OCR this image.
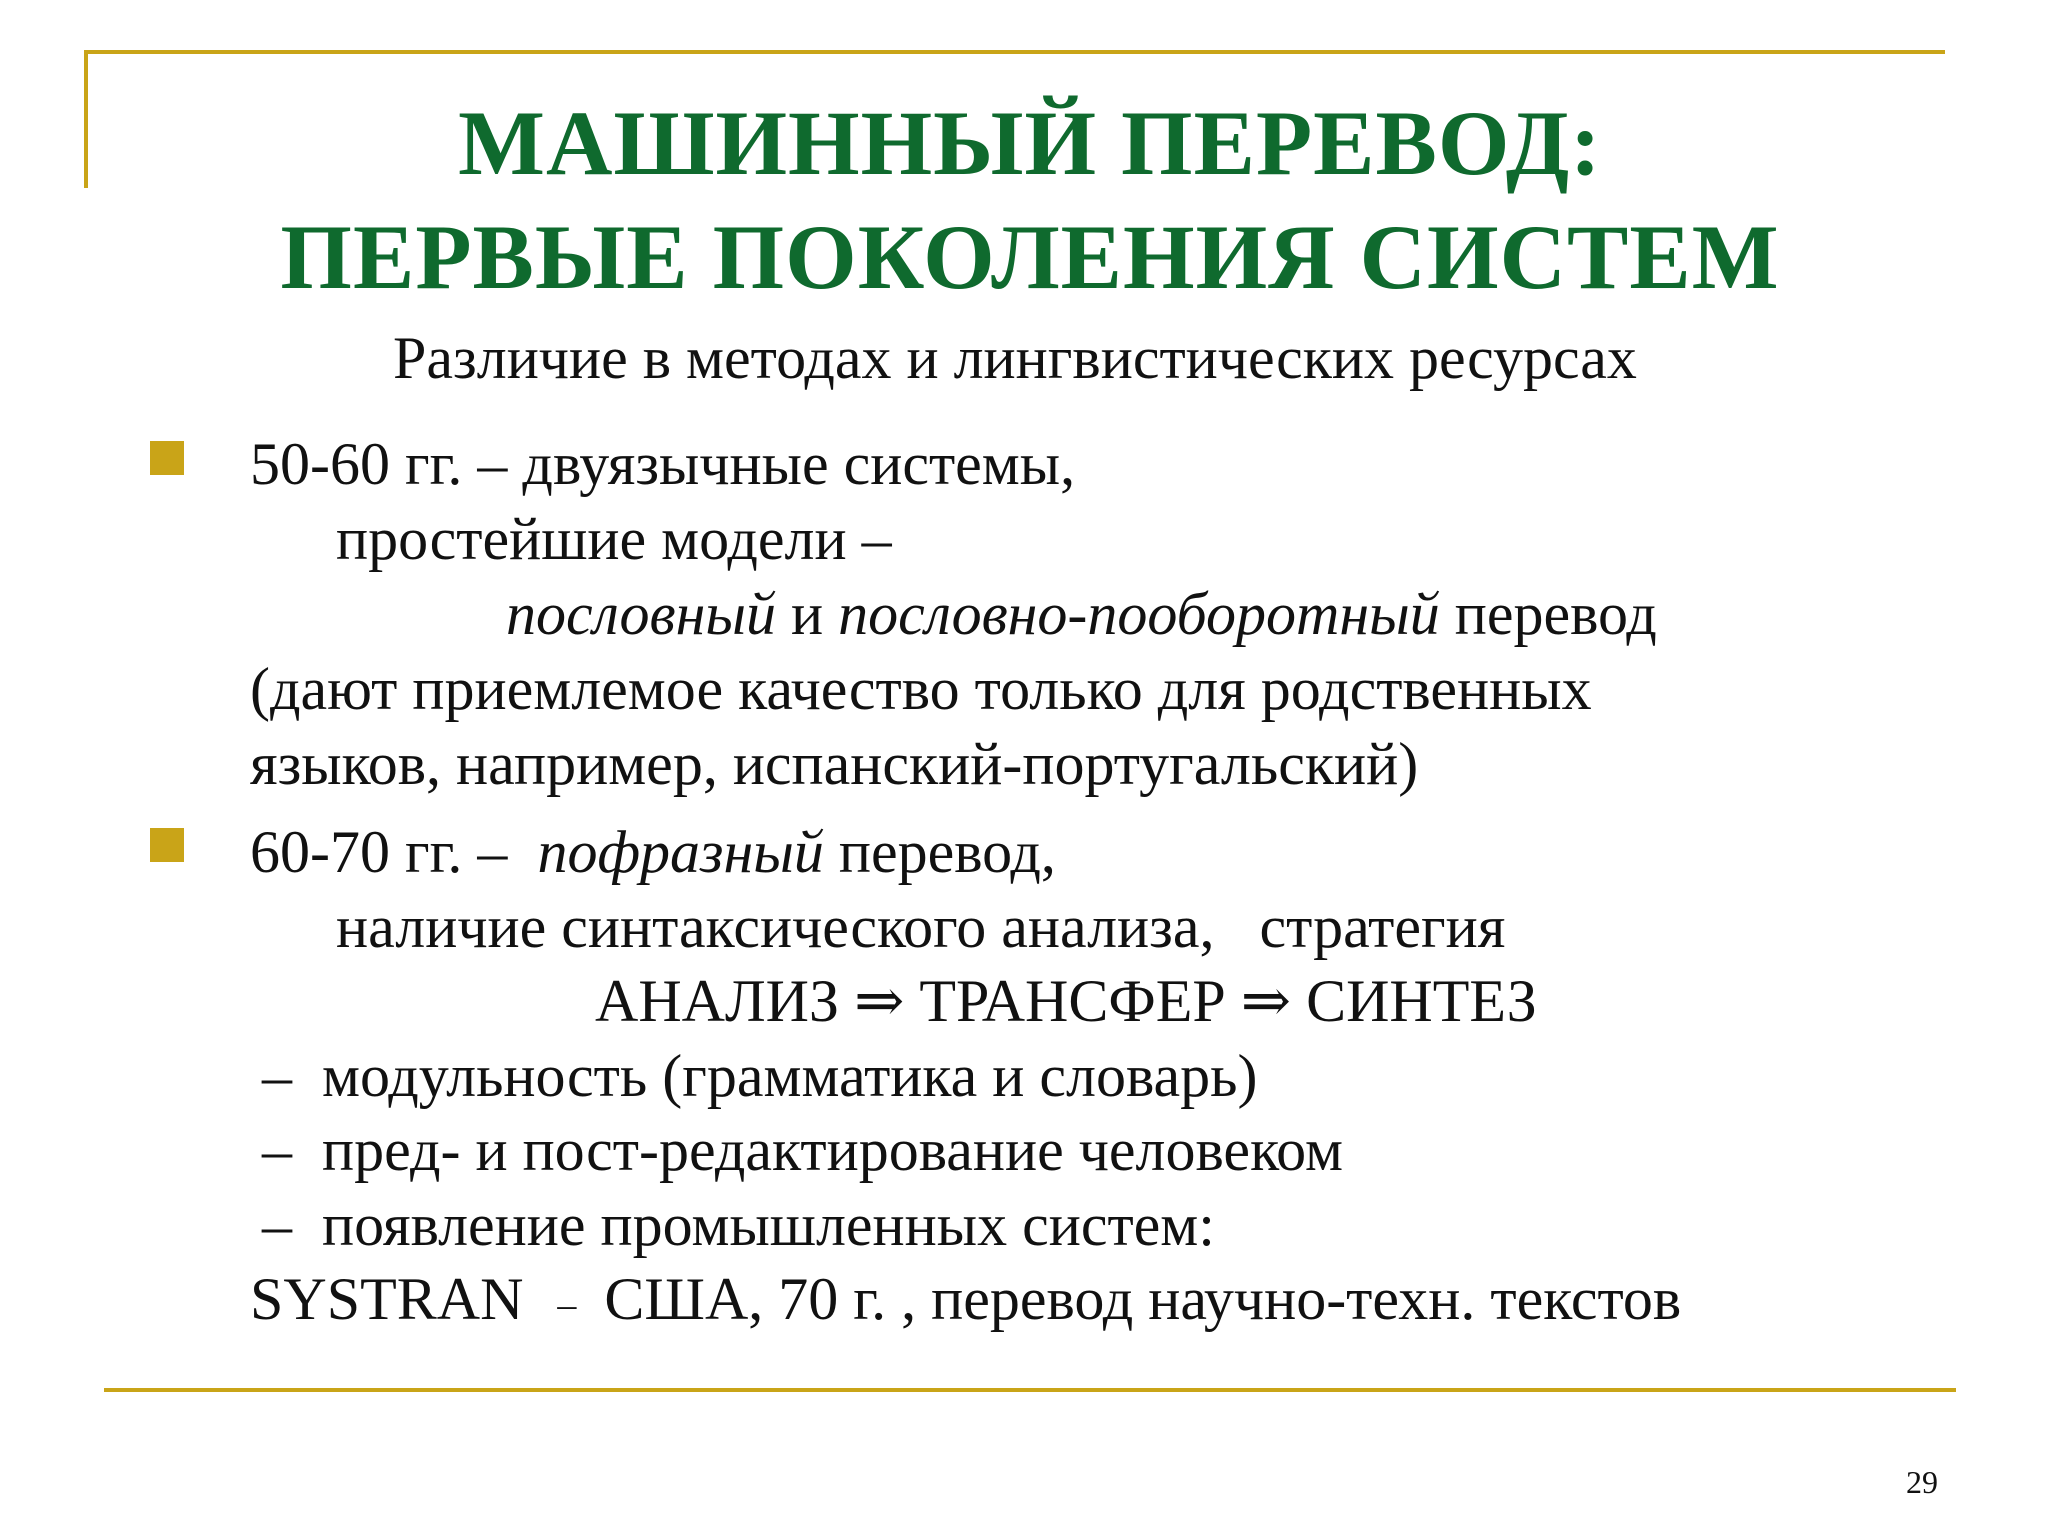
МАШИННЫЙ ПЕРЕВОД:
ПЕРВЫЕ ПОКОЛЕНИЯ СИСТЕМ
Различие в методах и лингвистических ресурсах
50-60 гг. – двуязычные системы,
простейшие модели –
пословный и пословно-пооборотный перевод
(дают приемлемое качество только для родственных
языков, например, испанский-португальский)
60-70 гг. –  пофразный перевод,
наличие синтаксического анализа,   стратегия
АНАЛИЗ ⇒ ТРАНСФЕР ⇒ СИНТЕЗ
–  модульность (грамматика и словарь)
–  пред- и пост-редактирование человеком
–  появление промышленных систем:
SYSTRAN – США, 70 г. , перевод научно-техн. текстов
29
